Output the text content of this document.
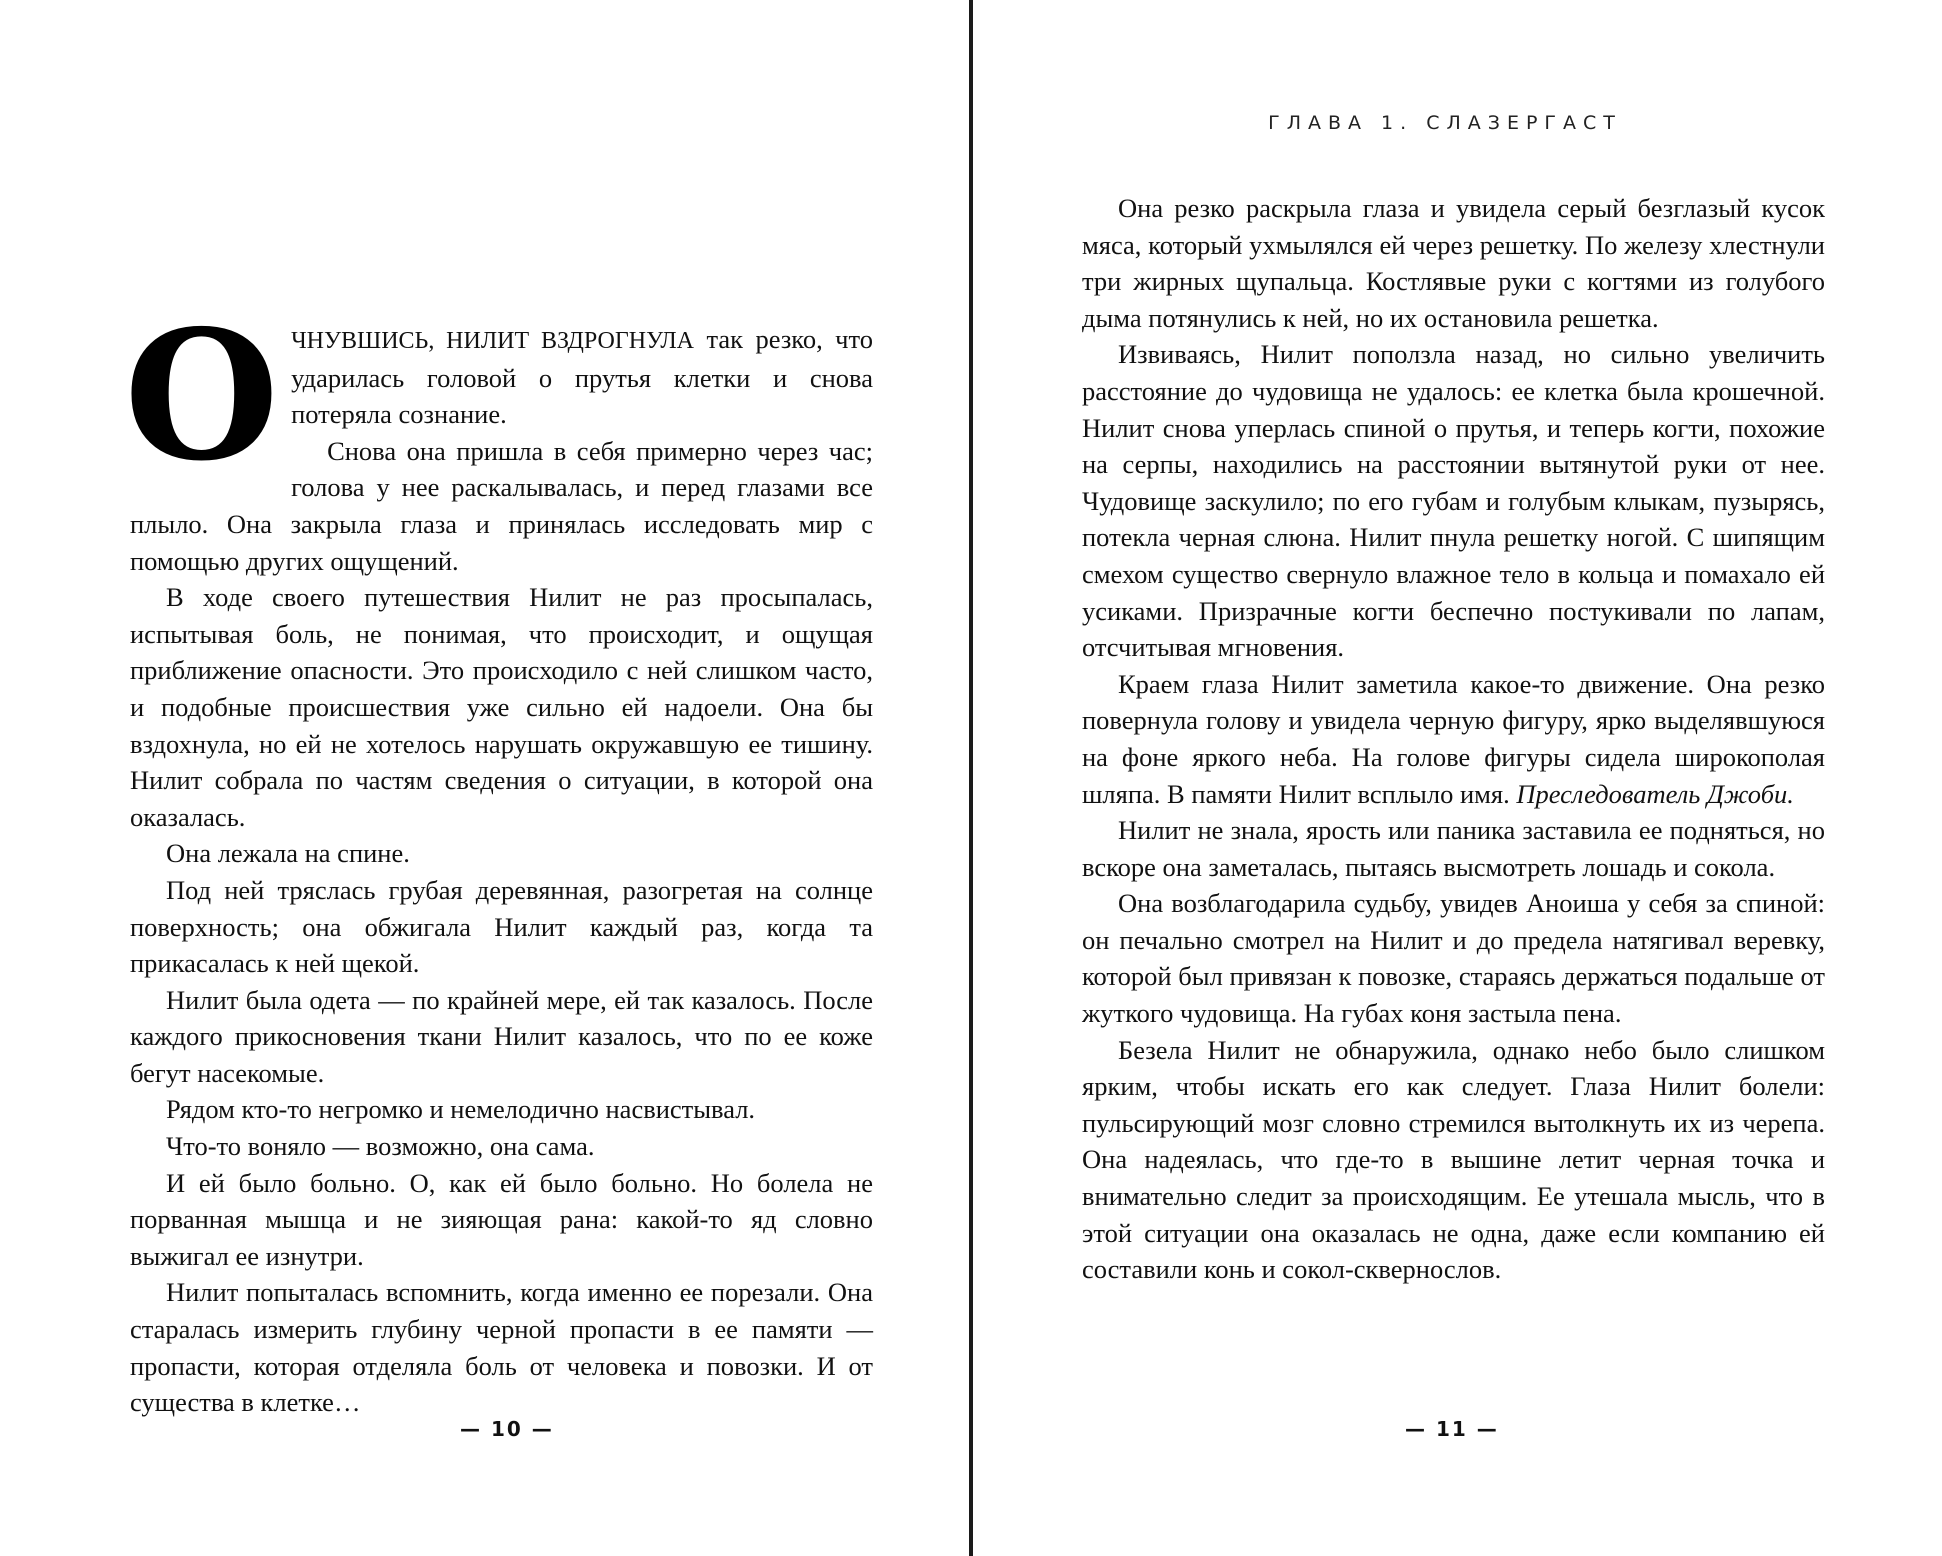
ОЧНУВШИСЬ, НИЛИТ ВЗДРОГНУЛА так резко, что ударилась головой о прутья клетки и снова потеряла сознание.

Снова она пришла в себя примерно через час; голова у нее раскалывалась, и перед глазами все плыло. Она закрыла глаза и принялась исследовать мир с помощью других ощущений.

В ходе своего путешествия Нилит не раз просыпалась, испытывая боль, не понимая, что происходит, и ощущая приближение опасности. Это происходило с ней слишком часто, и подобные происшествия уже сильно ей надоели. Она бы вздохнула, но ей не хотелось нарушать окружавшую ее тишину. Нилит собрала по частям сведения о ситуации, в которой она оказалась.

Она лежала на спине.

Под ней тряслась грубая деревянная, разогретая на солнце поверхность; она обжигала Нилит каждый раз, когда та прикасалась к ней щекой.

Нилит была одета — по крайней мере, ей так казалось. После каждого прикосновения ткани Нилит казалось, что по ее коже бегут насекомые.

Рядом кто-то негромко и немелодично насвистывал.

Что-то воняло — возможно, она сама.

И ей было больно. О, как ей было больно. Но болела не порванная мышца и не зияющая рана: какой-то яд словно выжигал ее изнутри.

Нилит попыталась вспомнить, когда именно ее порезали. Она старалась измерить глубину черной пропасти в ее памяти — пропасти, которая отделяла боль от человека и повозки. И от существа в клетке…

— 10 —
ГЛАВА 1. СЛАЗЕРГАСТ

Она резко раскрыла глаза и увидела серый безглазый кусок мяса, который ухмылялся ей через решетку. По железу хлестнули три жирных щупальца. Костлявые руки с когтями из голубого дыма потянулись к ней, но их остановила решетка.

Извиваясь, Нилит поползла назад, но сильно увеличить расстояние до чудовища не удалось: ее клетка была крошечной. Нилит снова уперлась спиной о прутья, и теперь когти, похожие на серпы, находились на расстоянии вытянутой руки от нее. Чудовище заскулило; по его губам и голубым клыкам, пузырясь, потекла черная слюна. Нилит пнула решетку ногой. С шипящим смехом существо свернуло влажное тело в кольца и помахало ей усиками. Призрачные когти беспечно постукивали по лапам, отсчитывая мгновения.

Краем глаза Нилит заметила какое-то движение. Она резко повернула голову и увидела черную фигуру, ярко выделявшуюся на фоне яркого неба. На голове фигуры сидела широкополая шляпа. В памяти Нилит всплыло имя. Преследователь Джоби.

Нилит не знала, ярость или паника заставила ее подняться, но вскоре она заметалась, пытаясь высмотреть лошадь и сокола.

Она возблагодарила судьбу, увидев Аноиша у себя за спиной: он печально смотрел на Нилит и до предела натягивал веревку, которой был привязан к повозке, стараясь держаться подальше от жуткого чудовища. На губах коня застыла пена.

Безела Нилит не обнаружила, однако небо было слишком ярким, чтобы искать его как следует. Глаза Нилит болели: пульсирующий мозг словно стремился вытолкнуть их из черепа. Она надеялась, что где-то в вышине летит черная точка и внимательно следит за происходящим. Ее утешала мысль, что в этой ситуации она оказалась не одна, даже если компанию ей составили конь и сокол-сквернослов.

— 11 —
